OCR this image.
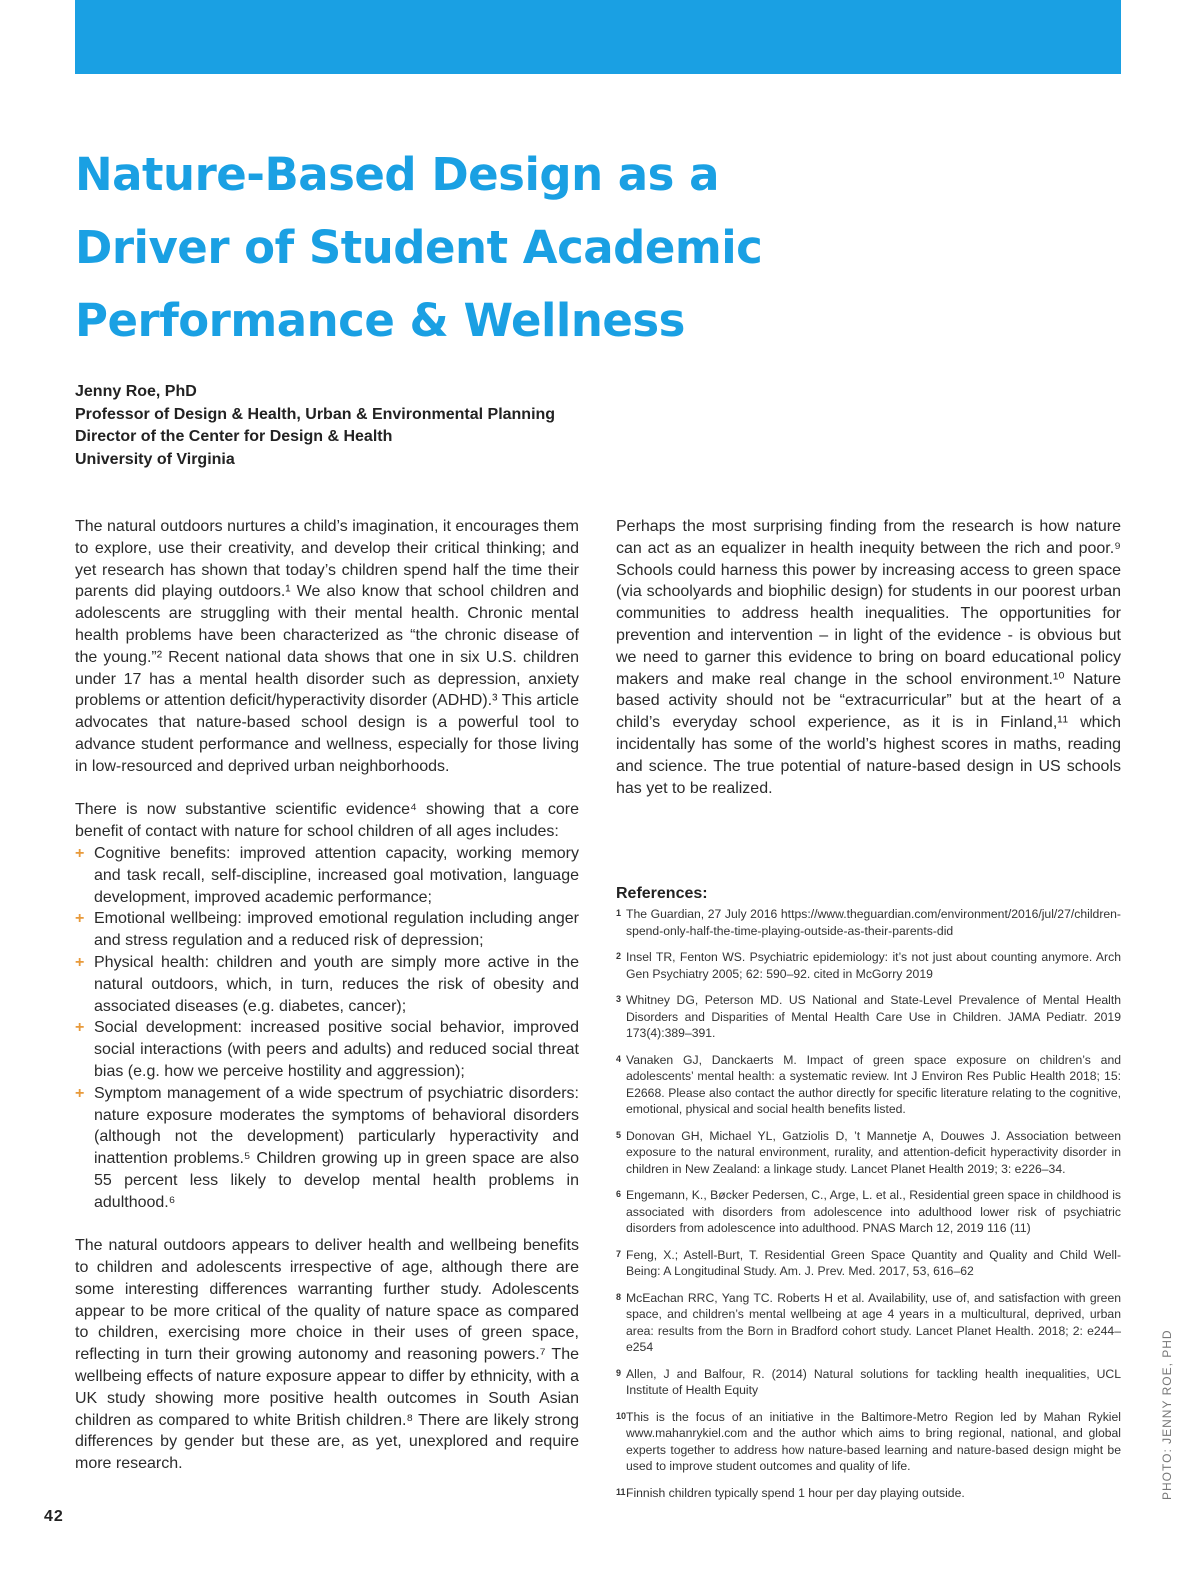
Nature-Based Design as a
Driver of Student Academic
Performance & Wellness
Jenny Roe, PhD
Professor of Design & Health, Urban & Environmental Planning
Director of the Center for Design & Health
University of Virginia

The natural outdoors nurtures a child’s imagination, it encourages them to explore, use their creativity, and develop their critical thinking; and yet research has shown that today’s children spend half the time their parents did playing outdoors.¹ We also know that school children and adolescents are struggling with their mental health. Chronic mental health problems have been characterized as “the chronic disease of the young.”² Recent national data shows that one in six U.S. children under 17 has a mental health disorder such as depression, anxiety problems or attention deficit/hyperactivity disorder (ADHD).³ This article advocates that nature-based school design is a powerful tool to advance student performance and wellness, especially for those living in low-resourced and deprived urban neighborhoods.

There is now substantive scientific evidence⁴ showing that a core benefit of contact with nature for school children of all ages includes:

+ Cognitive benefits: improved attention capacity, working memory and task recall, self-discipline, increased goal motivation, language development, improved academic performance;
+ Emotional wellbeing: improved emotional regulation including anger and stress regulation and a reduced risk of depression;
+ Physical health: children and youth are simply more active in the natural outdoors, which, in turn, reduces the risk of obesity and associated diseases (e.g. diabetes, cancer);
+ Social development: increased positive social behavior, improved social interactions (with peers and adults) and reduced social threat bias (e.g. how we perceive hostility and aggression);
+ Symptom management of a wide spectrum of psychiatric disorders: nature exposure moderates the symptoms of behavioral disorders (although not the development) particularly hyperactivity and inattention problems.⁵ Children growing up in green space are also 55 percent less likely to develop mental health problems in adulthood.⁶

The natural outdoors appears to deliver health and wellbeing benefits to children and adolescents irrespective of age, although there are some interesting differences warranting further study. Adolescents appear to be more critical of the quality of nature space as compared to children, exercising more choice in their uses of green space, reflecting in turn their growing autonomy and reasoning powers.⁷ The wellbeing effects of nature exposure appear to differ by ethnicity, with a UK study showing more positive health outcomes in South Asian children as compared to white British children.⁸ There are likely strong differences by gender but these are, as yet, unexplored and require more research.

Perhaps the most surprising finding from the research is how nature can act as an equalizer in health inequity between the rich and poor.⁹ Schools could harness this power by increasing access to green space (via schoolyards and biophilic design) for students in our poorest urban communities to address health inequalities. The opportunities for prevention and intervention – in light of the evidence - is obvious but we need to garner this evidence to bring on board educational policy makers and make real change in the school environment.¹⁰ Nature based activity should not be “extracurricular” but at the heart of a child’s everyday school experience, as it is in Finland,¹¹ which incidentally has some of the world’s highest scores in maths, reading and science. The true potential of nature-based design in US schools has yet to be realized.

References:
1 The Guardian, 27 July 2016 https://www.theguardian.com/environment/2016/jul/27/children-spend-only-half-the-time-playing-outside-as-their-parents-did
2 Insel TR, Fenton WS. Psychiatric epidemiology: it’s not just about counting anymore. Arch Gen Psychiatry 2005; 62: 590–92. cited in McGorry 2019
3 Whitney DG, Peterson MD. US National and State-Level Prevalence of Mental Health Disorders and Disparities of Mental Health Care Use in Children. JAMA Pediatr. 2019 173(4):389–391.
4 Vanaken GJ, Danckaerts M. Impact of green space exposure on children’s and adolescents’ mental health: a systematic review. Int J Environ Res Public Health 2018; 15: E2668. Please also contact the author directly for specific literature relating to the cognitive, emotional, physical and social health benefits listed.
5 Donovan GH, Michael YL, Gatziolis D, ’t Mannetje A, Douwes J. Association between exposure to the natural environment, rurality, and attention-deficit hyperactivity disorder in children in New Zealand: a linkage study. Lancet Planet Health 2019; 3: e226–34.
6 Engemann, K., Bøcker Pedersen, C., Arge, L. et al., Residential green space in childhood is associated with disorders from adolescence into adulthood lower risk of psychiatric disorders from adolescence into adulthood. PNAS March 12, 2019 116 (11)
7 Feng, X.; Astell-Burt, T. Residential Green Space Quantity and Quality and Child Well-Being: A Longitudinal Study. Am. J. Prev. Med. 2017, 53, 616–62
8 McEachan RRC, Yang TC. Roberts H et al. Availability, use of, and satisfaction with green space, and children’s mental wellbeing at age 4 years in a multicultural, deprived, urban area: results from the Born in Bradford cohort study. Lancet Planet Health. 2018; 2: e244–e254
9 Allen, J and Balfour, R. (2014) Natural solutions for tackling health inequalities, UCL Institute of Health Equity
10 This is the focus of an initiative in the Baltimore-Metro Region led by Mahan Rykiel www.mahanrykiel.com and the author which aims to bring regional, national, and global experts together to address how nature-based learning and nature-based design might be used to improve student outcomes and quality of life.
11 Finnish children typically spend 1 hour per day playing outside.
42
PHOTO: JENNY ROE, PHD
